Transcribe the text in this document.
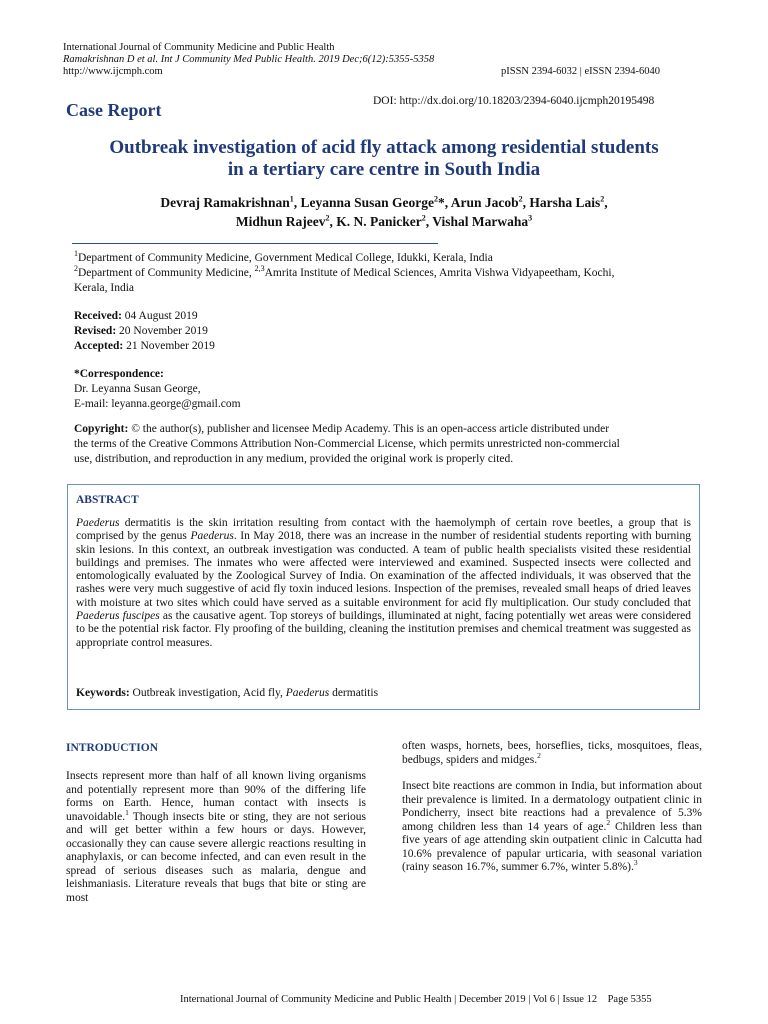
International Journal of Community Medicine and Public Health
Ramakrishnan D et al. Int J Community Med Public Health. 2019 Dec;6(12):5355-5358
http://www.ijcmph.com	pISSN 2394-6032 | eISSN 2394-6040
Case Report	DOI: http://dx.doi.org/10.18203/2394-6040.ijcmph20195498
Outbreak investigation of acid fly attack among residential students
in a tertiary care centre in South India
Devraj Ramakrishnan$^1$, Leyanna Susan George$^2$*, Arun Jacob$^2$, Harsha Lais$^2$,
Midhun Rajeev$^2$, K. N. Panicker$^2$, Vishal Marwaha$^3$
$^1$Department of Community Medicine, Government Medical College, Idukki, Kerala, India
$^2$Department of Community Medicine, $^{2,3}$Amrita Institute of Medical Sciences, Amrita Vishwa Vidyapeetham, Kochi,
Kerala, India
Received: 04 August 2019
Revised: 20 November 2019
Accepted: 21 November 2019
*Correspondence:
Dr. Leyanna Susan George,
E-mail: leyanna.george@gmail.com
Copyright: © the author(s), publisher and licensee Medip Academy. This is an open-access article distributed under
the terms of the Creative Commons Attribution Non-Commercial License, which permits unrestricted non-commercial
use, distribution, and reproduction in any medium, provided the original work is properly cited.
ABSTRACT
Paederus dermatitis is the skin irritation resulting from contact with the haemolymph of certain rove beetles, a group that is comprised by the genus Paederus. In May 2018, there was an increase in the number of residential students reporting with burning skin lesions. In this context, an outbreak investigation was conducted. A team of public health specialists visited these residential buildings and premises. The inmates who were affected were interviewed and examined. Suspected insects were collected and entomologically evaluated by the Zoological Survey of India. On examination of the affected individuals, it was observed that the rashes were very much suggestive of acid fly toxin induced lesions. Inspection of the premises, revealed small heaps of dried leaves with moisture at two sites which could have served as a suitable environment for acid fly multiplication. Our study concluded that Paederus fuscipes as the causative agent. Top storeys of buildings, illuminated at night, facing potentially wet areas were considered to be the potential risk factor. Fly proofing of the building, cleaning the institution premises and chemical treatment was suggested as appropriate control measures.
Keywords: Outbreak investigation, Acid fly, Paederus dermatitis
INTRODUCTION

Insects represent more than half of all known living organisms and potentially represent more than 90% of the differing life forms on Earth. Hence, human contact with insects is unavoidable.$^1$ Though insects bite or sting, they are not serious and will get better within a few hours or days. However, occasionally they can cause severe allergic reactions resulting in anaphylaxis, or can become infected, and can even result in the spread of serious diseases such as malaria, dengue and leishmaniasis. Literature reveals that bugs that bite or sting are most

often wasps, hornets, bees, horseflies, ticks, mosquitoes, fleas, bedbugs, spiders and midges.$^2$

Insect bite reactions are common in India, but information about their prevalence is limited. In a dermatology outpatient clinic in Pondicherry, insect bite reactions had a prevalence of 5.3% among children less than 14 years of age.$^2$ Children less than five years of age attending skin outpatient clinic in Calcutta had 10.6% prevalence of papular urticaria, with seasonal variation (rainy season 16.7%, summer 6.7%, winter 5.8%).$^3$

International Journal of Community Medicine and Public Health | December 2019 | Vol 6 | Issue 12    Page 5355
